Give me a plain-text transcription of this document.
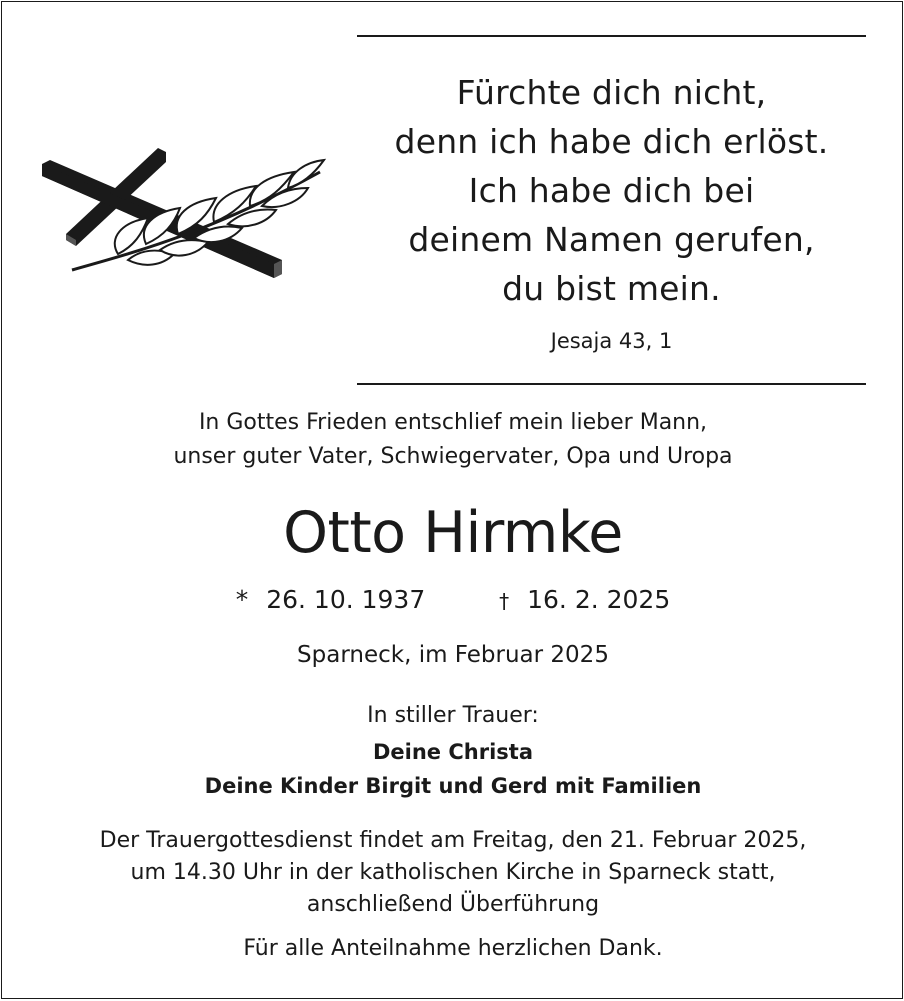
Fürchte dich nicht,
denn ich habe dich erlöst.
Ich habe dich bei
deinem Namen gerufen,
du bist mein.
Jesaja 43, 1
In Gottes Frieden entschlief mein lieber Mann,
unser guter Vater, Schwiegervater, Opa und Uropa
Otto Hirmke
* 26. 10. 1937	† 16. 2. 2025
Sparneck, im Februar 2025
In stiller Trauer:
Deine Christa
Deine Kinder Birgit und Gerd mit Familien
Der Trauergottesdienst findet am Freitag, den 21. Februar 2025,
um 14.30 Uhr in der katholischen Kirche in Sparneck statt,
anschließend Überführung
Für alle Anteilnahme herzlichen Dank.
